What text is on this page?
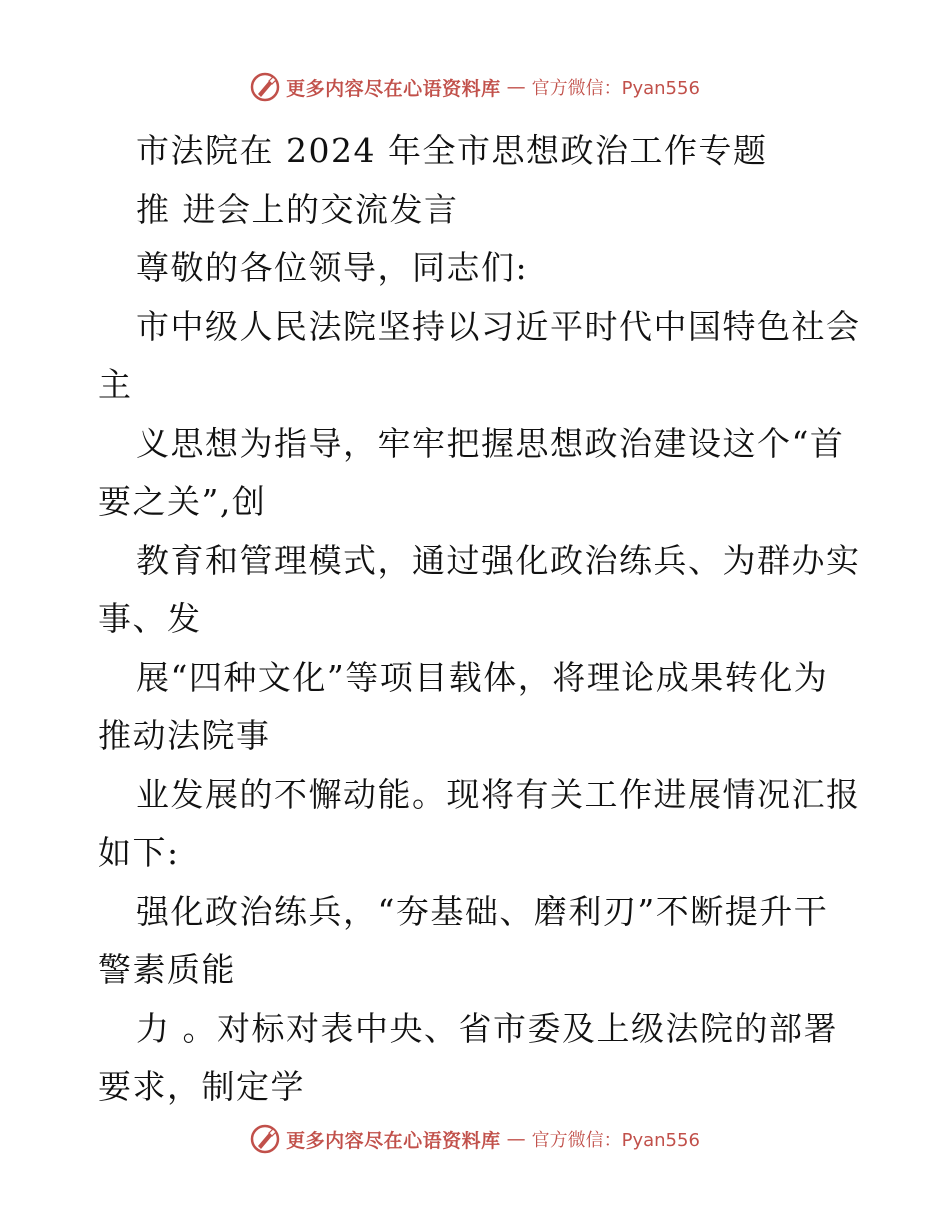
更多内容尽在心语资料库 — 官方微信：Pyan556
市法院在 2024 年全市思想政治工作专题
推 进会上的交流发言
尊敬的各位领导，同志们:
市中级人民法院坚持以习近平时代中国特色社会
主
义思想为指导，牢牢把握思想政治建设这个“首
要之关”,创
教育和管理模式，通过强化政治练兵、为群办实
事、发
展“四种文化”等项目载体，将理论成果转化为
推动法院事
业发展的不懈动能。现将有关工作进展情况汇报
如下:
强化政治练兵，“夯基础、磨利刃”不断提升干
警素质能
力 。对标对表中央、省市委及上级法院的部署
要求，制定学
更多内容尽在心语资料库 — 官方微信：Pyan556
